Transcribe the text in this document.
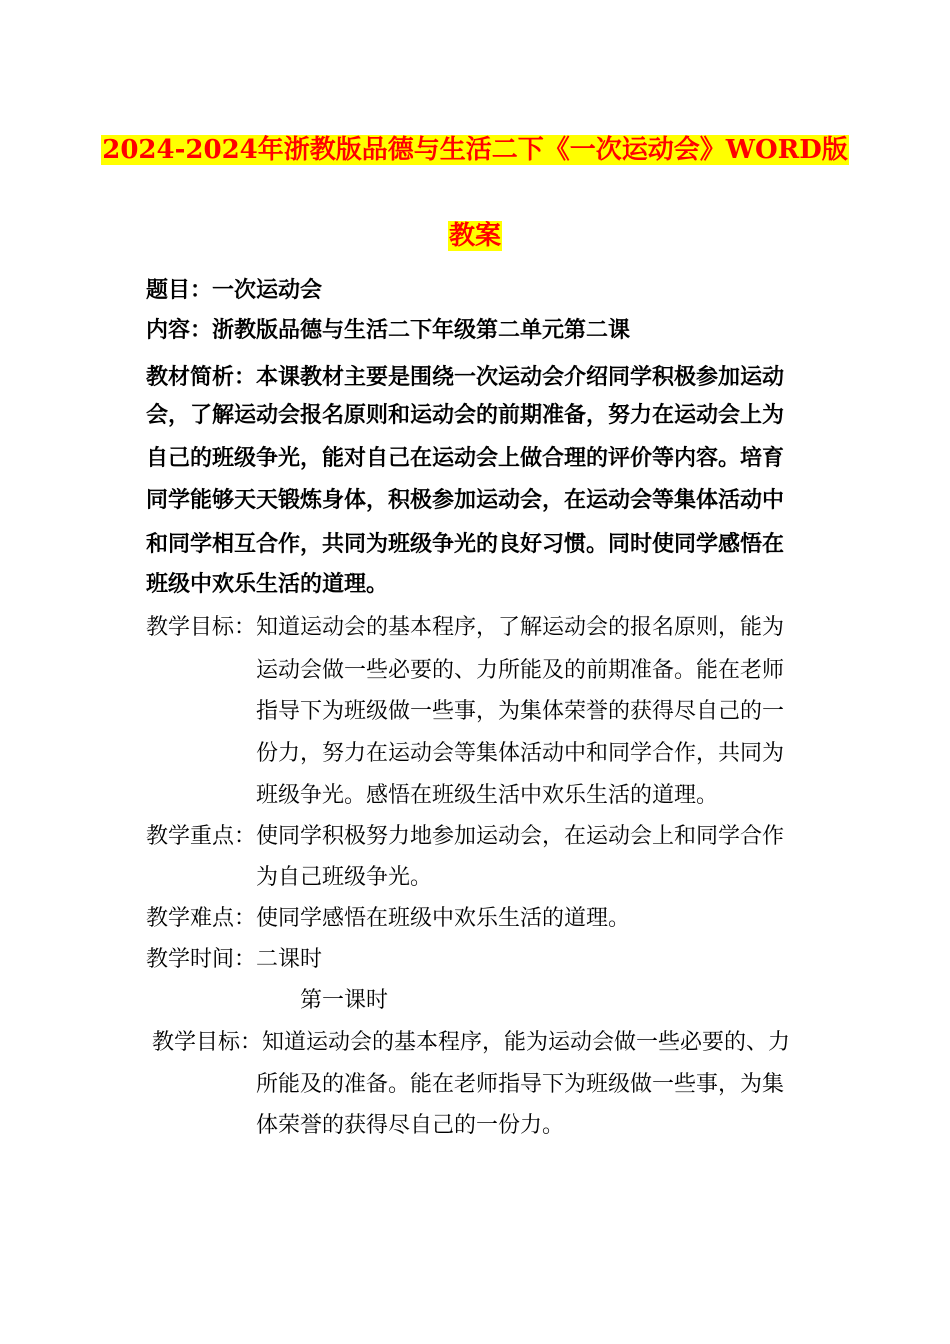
2024-2024年浙教版品德与生活二下《一次运动会》WORD版
教案
题目：一次运动会
内容：浙教版品德与生活二下年级第二单元第二课
教材简析：本课教材主要是围绕一次运动会介绍同学积极参加运动
会，了解运动会报名原则和运动会的前期准备，努力在运动会上为
自己的班级争光，能对自己在运动会上做合理的评价等内容。培育
同学能够天天锻炼身体，积极参加运动会，在运动会等集体活动中
和同学相互合作，共同为班级争光的良好习惯。同时使同学感悟在
班级中欢乐生活的道理。
教学目标： 知道运动会的基本程序，了解运动会的报名原则，能为
运动会做一些必要的、力所能及的前期准备。能在老师
指导下为班级做一些事，为集体荣誉的获得尽自己的一
份力，努力在运动会等集体活动中和同学合作，共同为
班级争光。感悟在班级生活中欢乐生活的道理。
教学重点： 使同学积极努力地参加运动会，在运动会上和同学合作
为自己班级争光。
教学难点： 使同学感悟在班级中欢乐生活的道理。
教学时间： 二课时
第一课时
教学目标： 知道运动会的基本程序，能为运动会做一些必要的、力
所能及的准备。能在老师指导下为班级做一些事，为集
体荣誉的获得尽自己的一份力。
